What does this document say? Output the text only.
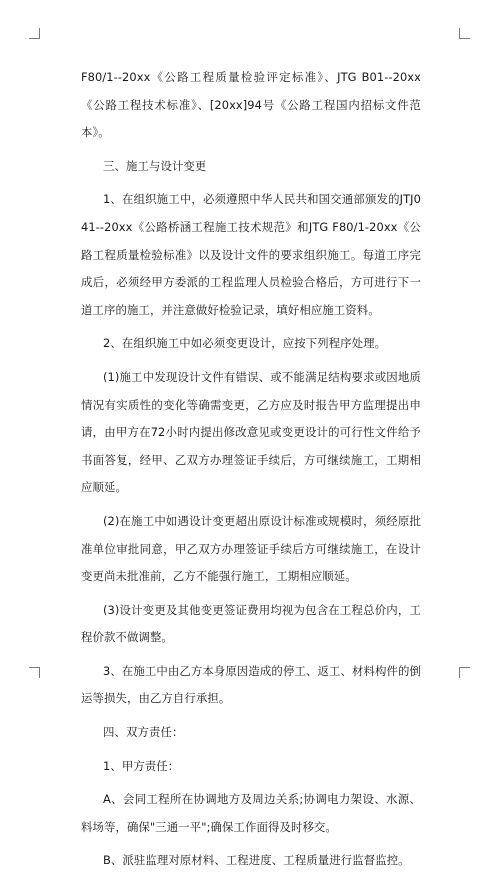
F80/1--20xx《公路工程质量检验评定标准》、JTG B01--20xx《公路工程技术标准》、[20xx]94号《公路工程国内招标文件范本》。

三、施工与设计变更

1、在组织施工中，必须遵照中华人民共和国交通部颁发的JTJ041--20xx《公路桥涵工程施工技术规范》和JTG F80/1-20xx《公路工程质量检验标准》以及设计文件的要求组织施工。每道工序完成后，必须经甲方委派的工程监理人员检验合格后，方可进行下一道工序的施工，并注意做好检验记录，填好相应施工资料。

2、在组织施工中如必须变更设计，应按下列程序处理。

(1)施工中发现设计文件有错误、或不能满足结构要求或因地质情况有实质性的变化等确需变更，乙方应及时报告甲方监理提出申请，由甲方在72小时内提出修改意见或变更设计的可行性文件给予书面答复，经甲、乙双方办理签证手续后，方可继续施工，工期相应顺延。

(2)在施工中如遇设计变更超出原设计标准或规模时，须经原批准单位审批同意，甲乙双方办理签证手续后方可继续施工，在设计变更尚未批准前，乙方不能强行施工，工期相应顺延。

(3)设计变更及其他变更签证费用均视为包含在工程总价内，工程价款不做调整。

3、在施工中由乙方本身原因造成的停工、返工、材料构件的倒运等损失，由乙方自行承担。

四、双方责任：

1、甲方责任：

A、会同工程所在协调地方及周边关系;协调电力架设、水源、料场等，确保"三通一平";确保工作面得及时移交。

B、派驻监理对原材料、工程进度、工程质量进行监督监控。
